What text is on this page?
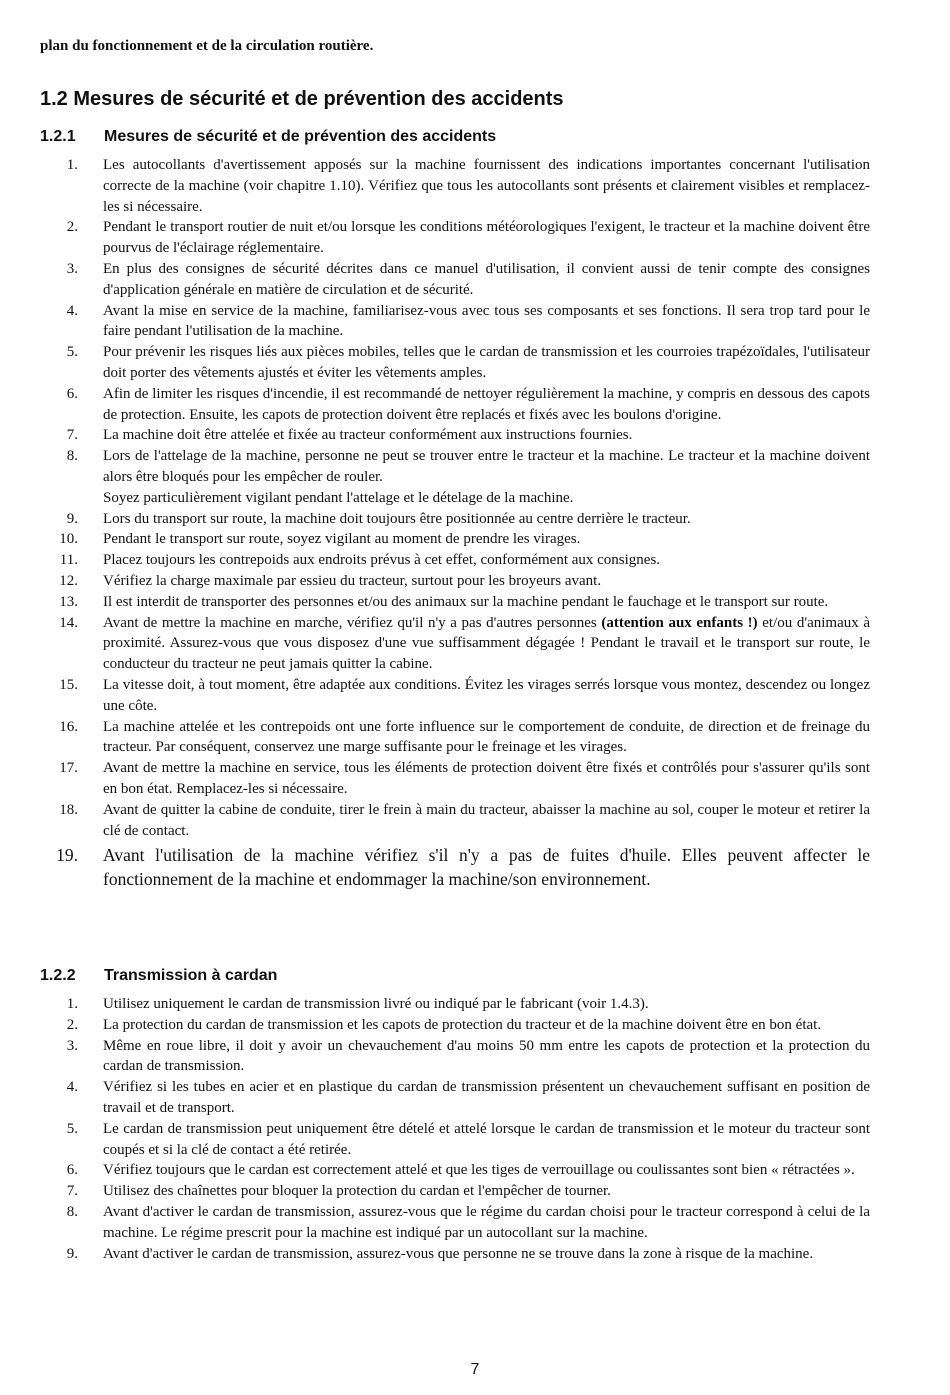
plan du fonctionnement et de la circulation routière.

1.2 Mesures de sécurité et de prévention des accidents
1.2.1 Mesures de sécurité et de prévention des accidents
1. Les autocollants d'avertissement apposés sur la machine fournissent des indications importantes concernant l'utilisation correcte de la machine (voir chapitre 1.10). Vérifiez que tous les autocollants sont présents et clairement visibles et remplacez-les si nécessaire.
2. Pendant le transport routier de nuit et/ou lorsque les conditions météorologiques l'exigent, le tracteur et la machine doivent être pourvus de l'éclairage réglementaire.
3. En plus des consignes de sécurité décrites dans ce manuel d'utilisation, il convient aussi de tenir compte des consignes d'application générale en matière de circulation et de sécurité.
4. Avant la mise en service de la machine, familiarisez-vous avec tous ses composants et ses fonctions. Il sera trop tard pour le faire pendant l'utilisation de la machine.
5. Pour prévenir les risques liés aux pièces mobiles, telles que le cardan de transmission et les courroies trapézoïdales, l'utilisateur doit porter des vêtements ajustés et éviter les vêtements amples.
6. Afin de limiter les risques d'incendie, il est recommandé de nettoyer régulièrement la machine, y compris en dessous des capots de protection. Ensuite, les capots de protection doivent être replacés et fixés avec les boulons d'origine.
7. La machine doit être attelée et fixée au tracteur conformément aux instructions fournies.
8. Lors de l'attelage de la machine, personne ne peut se trouver entre le tracteur et la machine. Le tracteur et la machine doivent alors être bloqués pour les empêcher de rouler.
Soyez particulièrement vigilant pendant l'attelage et le dételage de la machine.
9. Lors du transport sur route, la machine doit toujours être positionnée au centre derrière le tracteur.
10. Pendant le transport sur route, soyez vigilant au moment de prendre les virages.
11. Placez toujours les contrepoids aux endroits prévus à cet effet, conformément aux consignes.
12. Vérifiez la charge maximale par essieu du tracteur, surtout pour les broyeurs avant.
13. Il est interdit de transporter des personnes et/ou des animaux sur la machine pendant le fauchage et le transport sur route.
14. Avant de mettre la machine en marche, vérifiez qu'il n'y a pas d'autres personnes (attention aux enfants !) et/ou d'animaux à proximité. Assurez-vous que vous disposez d'une vue suffisamment dégagée ! Pendant le travail et le transport sur route, le conducteur du tracteur ne peut jamais quitter la cabine.
15. La vitesse doit, à tout moment, être adaptée aux conditions. Évitez les virages serrés lorsque vous montez, descendez ou longez une côte.
16. La machine attelée et les contrepoids ont une forte influence sur le comportement de conduite, de direction et de freinage du tracteur. Par conséquent, conservez une marge suffisante pour le freinage et les virages.
17. Avant de mettre la machine en service, tous les éléments de protection doivent être fixés et contrôlés pour s'assurer qu'ils sont en bon état. Remplacez-les si nécessaire.
18. Avant de quitter la cabine de conduite, tirer le frein à main du tracteur, abaisser la machine au sol, couper le moteur et retirer la clé de contact.
19. Avant l'utilisation de la machine vérifiez s'il n'y a pas de fuites d'huile. Elles peuvent affecter le fonctionnement de la machine et endommager la machine/son environnement.
1.2.2 Transmission à cardan
1. Utilisez uniquement le cardan de transmission livré ou indiqué par le fabricant (voir 1.4.3).
2. La protection du cardan de transmission et les capots de protection du tracteur et de la machine doivent être en bon état.
3. Même en roue libre, il doit y avoir un chevauchement d'au moins 50 mm entre les capots de protection et la protection du cardan de transmission.
4. Vérifiez si les tubes en acier et en plastique du cardan de transmission présentent un chevauchement suffisant en position de travail et de transport.
5. Le cardan de transmission peut uniquement être dételé et attelé lorsque le cardan de transmission et le moteur du tracteur sont coupés et si la clé de contact a été retirée.
6. Vérifiez toujours que le cardan est correctement attelé et que les tiges de verrouillage ou coulissantes sont bien « rétractées ».
7. Utilisez des chaînettes pour bloquer la protection du cardan et l'empêcher de tourner.
8. Avant d'activer le cardan de transmission, assurez-vous que le régime du cardan choisi pour le tracteur correspond à celui de la machine. Le régime prescrit pour la machine est indiqué par un autocollant sur la machine.
9. Avant d'activer le cardan de transmission, assurez-vous que personne ne se trouve dans la zone à risque de la machine.
7
